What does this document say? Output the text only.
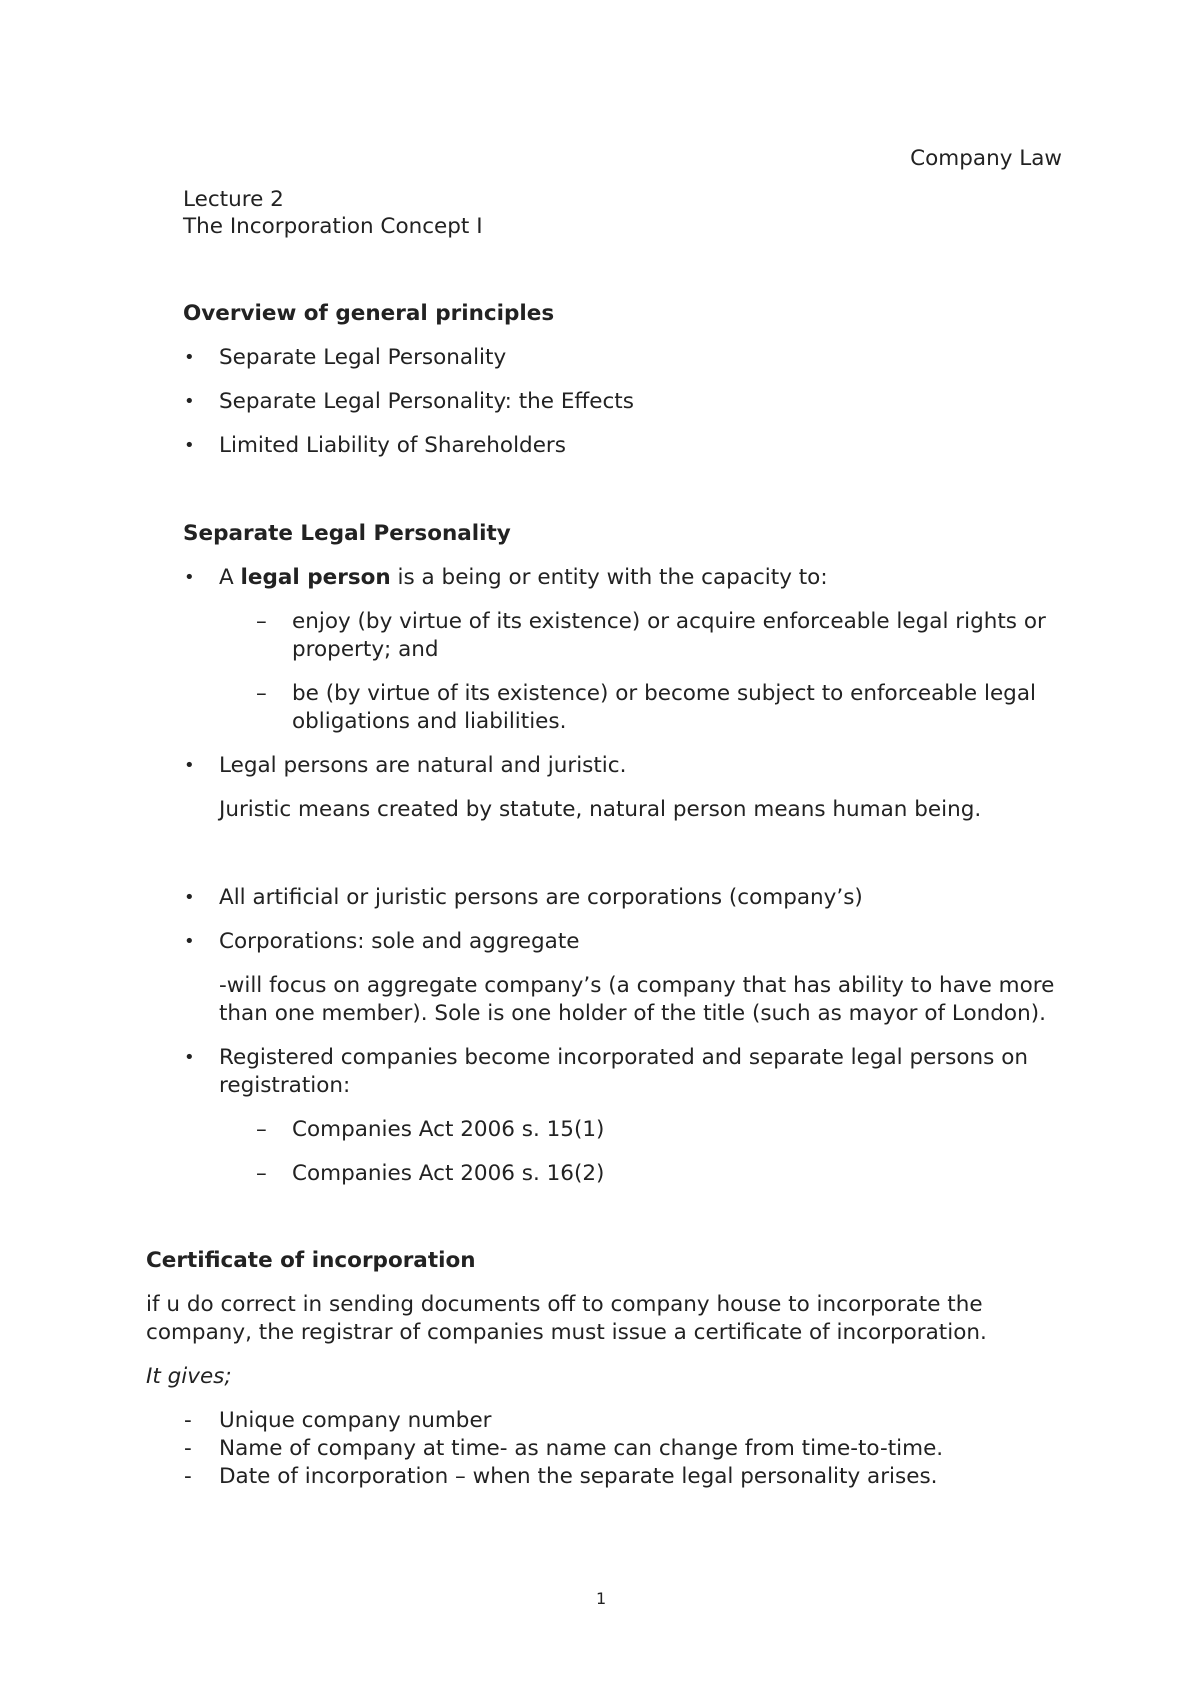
Company Law
Lecture 2
The Incorporation Concept I
Overview of general principles
• Separate Legal Personality
• Separate Legal Personality: the Effects
• Limited Liability of Shareholders
Separate Legal Personality
• A legal person is a being or entity with the capacity to:
– enjoy (by virtue of its existence) or acquire enforceable legal rights or
property; and
– be (by virtue of its existence) or become subject to enforceable legal
obligations and liabilities.
• Legal persons are natural and juristic.
Juristic means created by statute, natural person means human being.
• All artificial or juristic persons are corporations (company’s)
• Corporations: sole and aggregate
-will focus on aggregate company’s (a company that has ability to have more
than one member). Sole is one holder of the title (such as mayor of London).
• Registered companies become incorporated and separate legal persons on
registration:
– Companies Act 2006 s. 15(1)
– Companies Act 2006 s. 16(2)
Certificate of incorporation
if u do correct in sending documents off to company house to incorporate the
company, the registrar of companies must issue a certificate of incorporation.
It gives;
- Unique company number
- Name of company at time- as name can change from time-to-time.
- Date of incorporation – when the separate legal personality arises.
1
